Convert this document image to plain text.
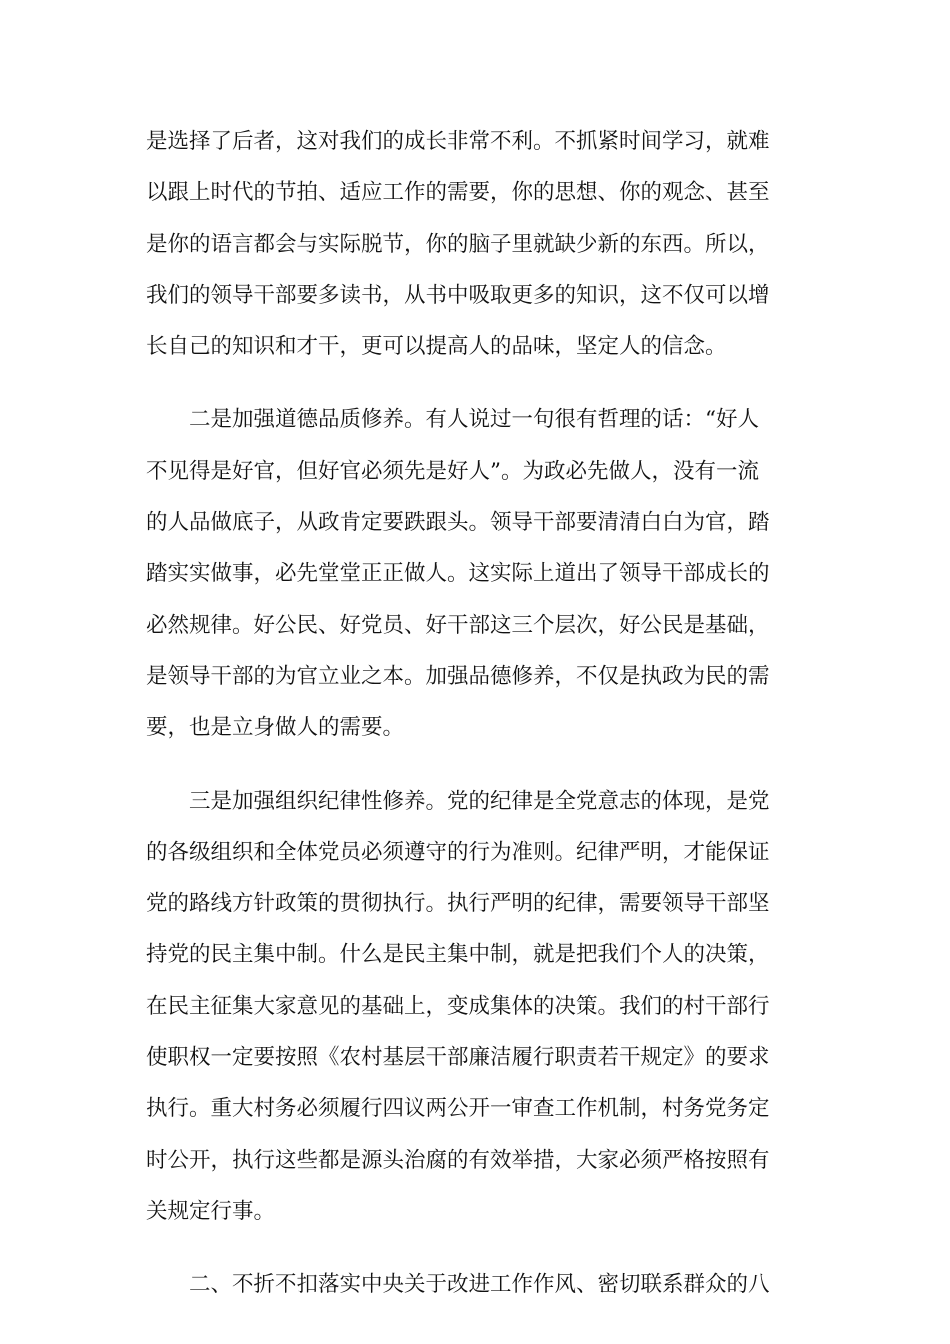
是选择了后者，这对我们的成长非常不利。不抓紧时间学习，就难
以跟上时代的节拍、适应工作的需要，你的思想、你的观念、甚至
是你的语言都会与实际脱节，你的脑子里就缺少新的东西。所以，
我们的领导干部要多读书，从书中吸取更多的知识，这不仅可以增
长自己的知识和才干，更可以提高人的品味，坚定人的信念。
　　二是加强道德品质修养。有人说过一句很有哲理的话：“好人
不见得是好官，但好官必须先是好人”。为政必先做人，没有一流
的人品做底子，从政肯定要跌跟头。领导干部要清清白白为官，踏
踏实实做事，必先堂堂正正做人。这实际上道出了领导干部成长的
必然规律。好公民、好党员、好干部这三个层次，好公民是基础，
是领导干部的为官立业之本。加强品德修养，不仅是执政为民的需
要，也是立身做人的需要。
　　三是加强组织纪律性修养。党的纪律是全党意志的体现，是党
的各级组织和全体党员必须遵守的行为准则。纪律严明，才能保证
党的路线方针政策的贯彻执行。执行严明的纪律，需要领导干部坚
持党的民主集中制。什么是民主集中制，就是把我们个人的决策，
在民主征集大家意见的基础上，变成集体的决策。我们的村干部行
使职权一定要按照《农村基层干部廉洁履行职责若干规定》的要求
执行。重大村务必须履行四议两公开一审查工作机制，村务党务定
时公开，执行这些都是源头治腐的有效举措，大家必须严格按照有
关规定行事。
　　二、不折不扣落实中央关于改进工作作风、密切联系群众的八
